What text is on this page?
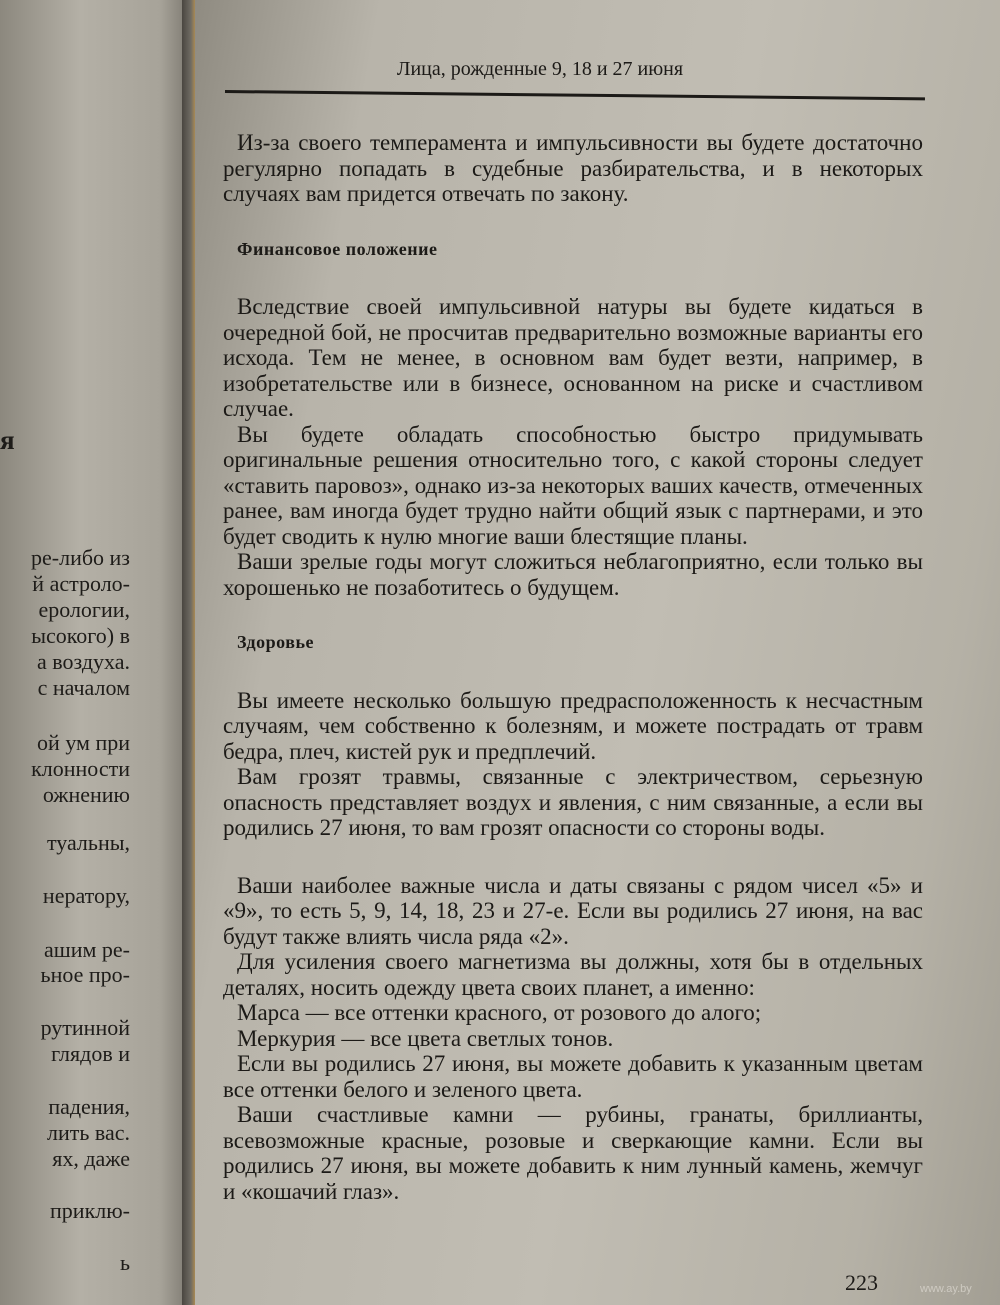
я
ре-либо из
й астроло-
ерологии,
ысокого) в
а воздуха.
с началом
ой ум при
клонности
ожнению
туальны,
нератору,
ашим ре-
ьное про-
рутинной
глядов и
падения,
лить вас.
ях, даже
приклю-
ь
Лица, рожденные 9, 18 и 27 июня

Из-за своего темперамента и импульсивности вы будете достаточно регулярно попадать в судебные разбирательства, и в некоторых случаях вам придется отвечать по закону.

Финансовое положение

Вследствие своей импульсивной натуры вы будете кидаться в очередной бой, не просчитав предварительно возможные варианты его исхода. Тем не менее, в основном вам будет везти, например, в изобретательстве или в бизнесе, основанном на риске и счастливом случае.

Вы будете обладать способностью быстро придумывать оригинальные решения относительно того, с какой стороны следует «ставить паровоз», однако из-за некоторых ваших качеств, отмеченных ранее, вам иногда будет трудно найти общий язык с партнерами, и это будет сводить к нулю многие ваши блестящие планы.

Ваши зрелые годы могут сложиться неблагоприятно, если только вы хорошенько не позаботитесь о будущем.

Здоровье

Вы имеете несколько большую предрасположенность к несчастным случаям, чем собственно к болезням, и можете пострадать от травм бедра, плеч, кистей рук и предплечий.

Вам грозят травмы, связанные с электричеством, серьезную опасность представляет воздух и явления, с ним связанные, а если вы родились 27 июня, то вам грозят опасности со стороны воды.

Ваши наиболее важные числа и даты связаны с рядом чисел «5» и «9», то есть 5, 9, 14, 18, 23 и 27-е. Если вы родились 27 июня, на вас будут также влиять числа ряда «2».

Для усиления своего магнетизма вы должны, хотя бы в отдельных деталях, носить одежду цвета своих планет, а именно:

Марса — все оттенки красного, от розового до алого;

Меркурия — все цвета светлых тонов.

Если вы родились 27 июня, вы можете добавить к указанным цветам все оттенки белого и зеленого цвета.

Ваши счастливые камни — рубины, гранаты, бриллианты, всевозможные красные, розовые и сверкающие камни. Если вы родились 27 июня, вы можете добавить к ним лунный камень, жемчуг и «кошачий глаз».

223	www.ay.by
